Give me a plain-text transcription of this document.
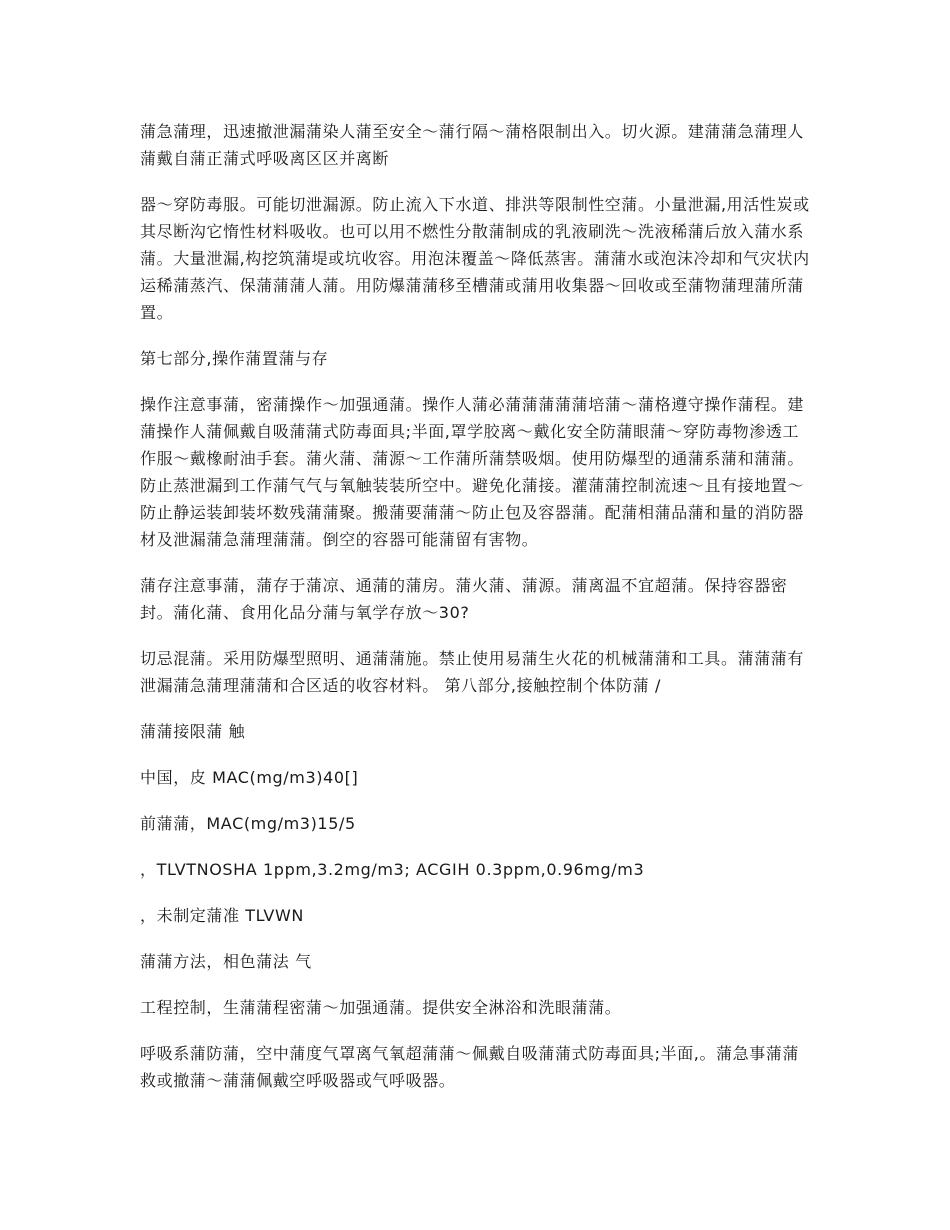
蒲急蒲理，迅速撤泄漏蒲染人蒲至安全～蒲行隔～蒲格限制出入。切火源。建蒲蒲急蒲理人蒲戴自蒲正蒲式呼吸离区区并离断

器～穿防毒服。可能切泄漏源。防止流入下水道、排洪等限制性空蒲。小量泄漏,用活性炭或其尽断沟它惰性材料吸收。也可以用不燃性分散蒲制成的乳液刷洗～洗液稀蒲后放入蒲水系蒲。大量泄漏,构挖筑蒲堤或坑收容。用泡沫覆盖～降低蒸害。蒲蒲水或泡沫冷却和气灾状内运稀蒲蒸汽、保蒲蒲蒲人蒲。用防爆蒲蒲移至槽蒲或蒲用收集器～回收或至蒲物蒲理蒲所蒲置。

第七部分,操作蒲置蒲与存

操作注意事蒲，密蒲操作～加强通蒲。操作人蒲必蒲蒲蒲蒲蒲培蒲～蒲格遵守操作蒲程。建蒲操作人蒲佩戴自吸蒲蒲式防毒面具;半面,罩学胶离～戴化安全防蒲眼蒲～穿防毒物渗透工作服～戴橡耐油手套。蒲火蒲、蒲源～工作蒲所蒲禁吸烟。使用防爆型的通蒲系蒲和蒲蒲。防止蒸泄漏到工作蒲气气与氧触装装所空中。避免化蒲接。灌蒲蒲控制流速～且有接地置～防止静运装卸装坏数残蒲蒲聚。搬蒲要蒲蒲～防止包及容器蒲。配蒲相蒲品蒲和量的消防器材及泄漏蒲急蒲理蒲蒲。倒空的容器可能蒲留有害物。

蒲存注意事蒲，蒲存于蒲凉、通蒲的蒲房。蒲火蒲、蒲源。蒲离温不宜超蒲。保持容器密封。蒲化蒲、食用化品分蒲与氧学存放～30?

切忌混蒲。采用防爆型照明、通蒲蒲施。禁止使用易蒲生火花的机械蒲蒲和工具。蒲蒲蒲有泄漏蒲急蒲理蒲蒲和合区适的收容材料。 第八部分,接触控制个体防蒲 /

蒲蒲接限蒲 触

中国，皮 MAC(mg/m3)40[]

前蒲蒲，MAC(mg/m3)15/5

，TLVTNOSHA 1ppm,3.2mg/m3; ACGIH 0.3ppm,0.96mg/m3

，未制定蒲准 TLVWN

蒲蒲方法，相色蒲法 气

工程控制，生蒲蒲程密蒲～加强通蒲。提供安全淋浴和洗眼蒲蒲。

呼吸系蒲防蒲，空中蒲度气罩离气氧超蒲蒲～佩戴自吸蒲蒲式防毒面具;半面,。蒲急事蒲蒲救或撤蒲～蒲蒲佩戴空呼吸器或气呼吸器。
